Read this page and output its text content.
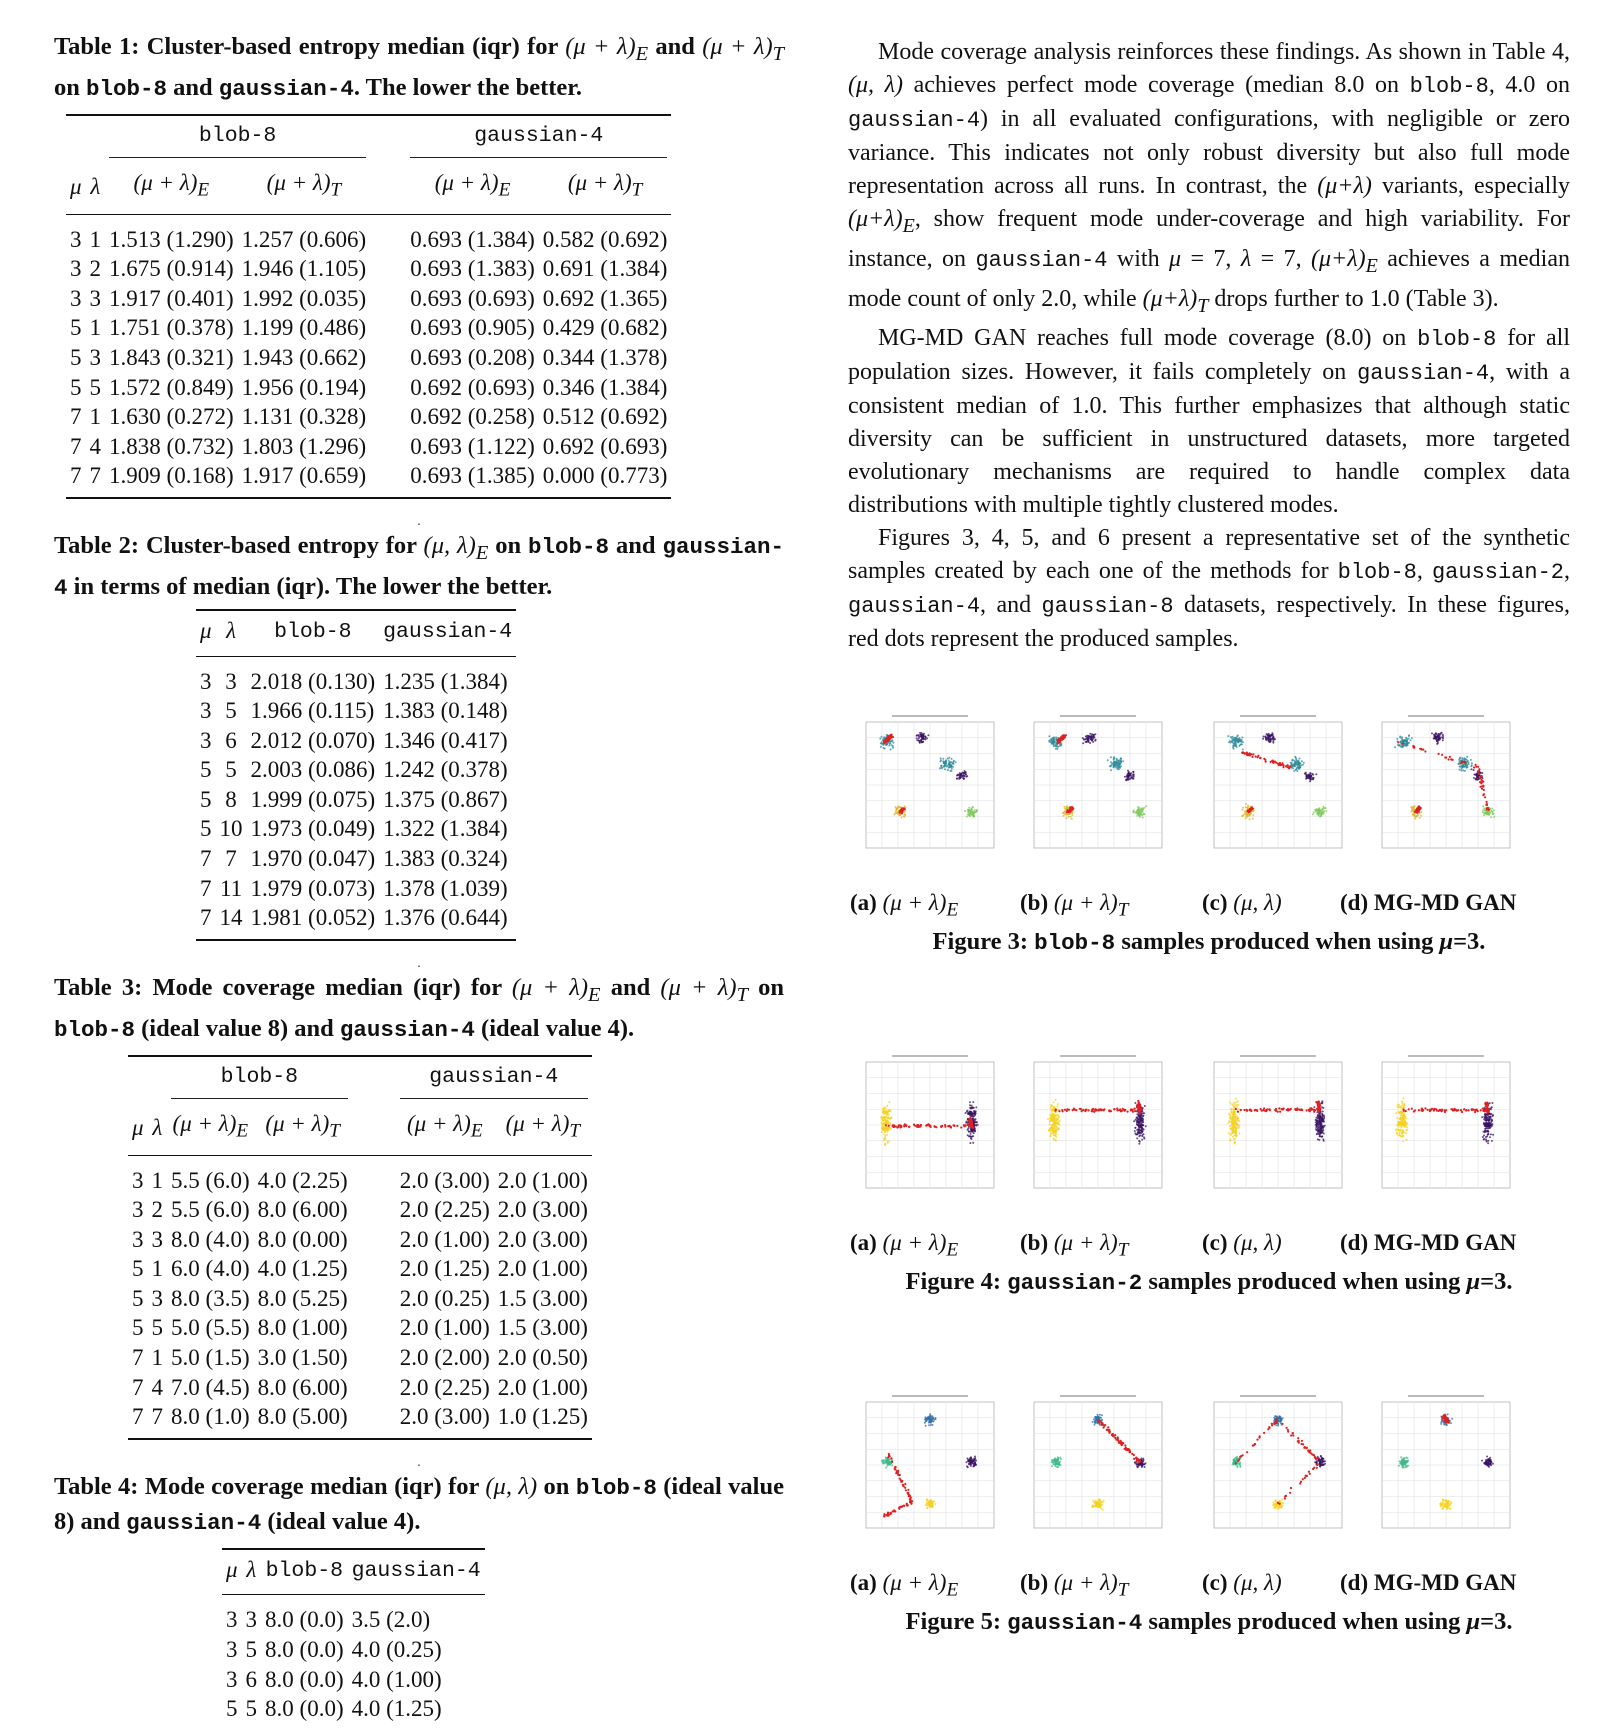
Table 1: Cluster-based entropy median (iqr) for $(\mu + \lambda)_E$ and $(\mu + \lambda)_T$ on blob-8 and gaussian-4. The lower the better.

		blob-8			gaussian-4	

μ	λ	$(\mu + \lambda)_E$	$(\mu + \lambda)_T$		$(\mu + \lambda)_E$	$(\mu + \lambda)_T$
3	1	1.513 (1.290)	1.257 (0.606)		0.693 (1.384)	0.582 (0.692)
3	2	1.675 (0.914)	1.946 (1.105)		0.693 (1.383)	0.691 (1.384)
3	3	1.917 (0.401)	1.992 (0.035)		0.693 (0.693)	0.692 (1.365)
5	1	1.751 (0.378)	1.199 (0.486)		0.693 (0.905)	0.429 (0.682)
5	3	1.843 (0.321)	1.943 (0.662)		0.693 (0.208)	0.344 (1.378)
5	5	1.572 (0.849)	1.956 (0.194)		0.692 (0.693)	0.346 (1.384)
7	1	1.630 (0.272)	1.131 (0.328)		0.692 (0.258)	0.512 (0.692)
7	4	1.838 (0.732)	1.803 (1.296)		0.693 (1.122)	0.692 (0.693)
7	7	1.909 (0.168)	1.917 (0.659)		0.693 (1.385)	0.000 (0.773)
.

Table 2: Cluster-based entropy for (μ, $\lambda)_E$ on blob-8 and gaussian-4 in terms of median (iqr). The lower the better.

μ	λ	blob-8	gaussian-4
3	3	2.018 (0.130)	1.235 (1.384)
3	5	1.966 (0.115)	1.383 (0.148)
3	6	2.012 (0.070)	1.346 (0.417)
5	5	2.003 (0.086)	1.242 (0.378)
5	8	1.999 (0.075)	1.375 (0.867)
5	10	1.973 (0.049)	1.322 (1.384)
7	7	1.970 (0.047)	1.383 (0.324)
7	11	1.979 (0.073)	1.378 (1.039)
7	14	1.981 (0.052)	1.376 (0.644)
.

Table 3: Mode coverage median (iqr) for $(\mu + \lambda)_E$ and $(\mu + \lambda)_T$ on blob-8 (ideal value 8) and gaussian-4 (ideal value 4).

		blob-8			gaussian-4	

μ	λ	$(\mu + \lambda)_E$	$(\mu + \lambda)_T$		$(\mu + \lambda)_E$	$(\mu + \lambda)_T$
3	1	5.5 (6.0)	4.0 (2.25)		2.0 (3.00)	2.0 (1.00)
3	2	5.5 (6.0)	8.0 (6.00)		2.0 (2.25)	2.0 (3.00)
3	3	8.0 (4.0)	8.0 (0.00)		2.0 (1.00)	2.0 (3.00)
5	1	6.0 (4.0)	4.0 (1.25)		2.0 (1.25)	2.0 (1.00)
5	3	8.0 (3.5)	8.0 (5.25)		2.0 (0.25)	1.5 (3.00)
5	5	5.0 (5.5)	8.0 (1.00)		2.0 (1.00)	1.5 (3.00)
7	1	5.0 (1.5)	3.0 (1.50)		2.0 (2.00)	2.0 (0.50)
7	4	7.0 (4.5)	8.0 (6.00)		2.0 (2.25)	2.0 (1.00)
7	7	8.0 (1.0)	8.0 (5.00)		2.0 (3.00)	1.0 (1.25)
.

Table 4: Mode coverage median (iqr) for (μ, λ) on blob-8 (ideal value 8) and gaussian-4 (ideal value 4).

μ	λ	blob-8	gaussian-4
3	3	8.0 (0.0)	3.5 (2.0)
3	5	8.0 (0.0)	4.0 (0.25)
3	6	8.0 (0.0)	4.0 (1.00)
5	5	8.0 (0.0)	4.0 (1.25)

Mode coverage analysis reinforces these findings. As shown in Table 4, (μ, λ) achieves perfect mode coverage (median 8.0 on blob-8, 4.0 on gaussian-4) in all evaluated configurations, with negligible or zero variance. This indicates not only robust diversity but also full mode representation across all runs. In contrast, the (μ+λ) variants, especially $(\mu+\lambda)_E$, show frequent mode under-coverage and high variability. For instance, on gaussian-4 with μ = 7, λ = 7, $(\mu+\lambda)_E$ achieves a median mode count of only 2.0, while $(\mu+\lambda)_T$ drops further to 1.0 (Table 3).

MG-MD GAN reaches full mode coverage (8.0) on blob-8 for all population sizes. However, it fails completely on gaussian-4, with a consistent median of 1.0. This further emphasizes that although static diversity can be sufficient in unstructured datasets, more targeted evolutionary mechanisms are required to handle complex data distributions with multiple tightly clustered modes.

Figures 3, 4, 5, and 6 present a representative set of the synthetic samples created by each one of the methods for blob-8, gaussian-2, gaussian-4, and gaussian-8 datasets, respectively. In these figures, red dots represent the produced samples.

(a) $(\mu + \lambda)_E$	(b) $(\mu + \lambda)_T$	(c) (μ, λ)	(d) MG-MD GAN

Figure 3: blob-8 samples produced when using μ=3.

(a) $(\mu + \lambda)_E$	(b) $(\mu + \lambda)_T$	(c) (μ, λ)	(d) MG-MD GAN

Figure 4: gaussian-2 samples produced when using μ=3.

(a) $(\mu + \lambda)_E$	(b) $(\mu + \lambda)_T$	(c) (μ, λ)	(d) MG-MD GAN

Figure 5: gaussian-4 samples produced when using μ=3.
